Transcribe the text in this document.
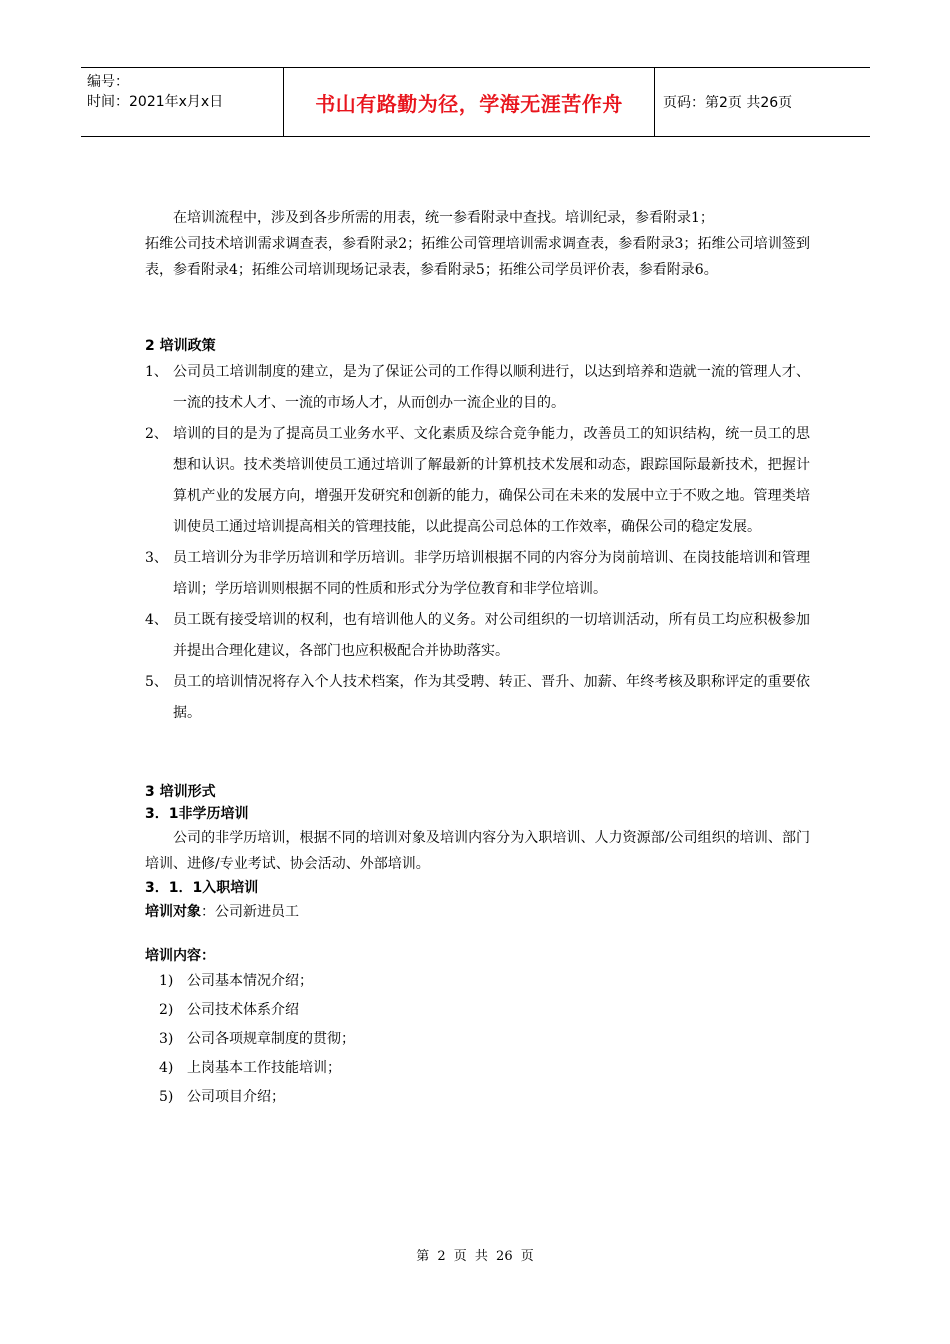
编号：
时间：2021年x月x日	书山有路勤为径，学海无涯苦作舟	页码：第2页 共26页

在培训流程中，涉及到各步所需的用表，统一参看附录中查找。培训纪录，参看附录1；

拓维公司技术培训需求调查表，参看附录2；拓维公司管理培训需求调查表，参看附录3；拓维公司培训签到表，参看附录4；拓维公司培训现场记录表，参看附录5；拓维公司学员评价表，参看附录6。

2 培训政策

1、 公司员工培训制度的建立，是为了保证公司的工作得以顺利进行，以达到培养和造就一流的管理人才、一流的技术人才、一流的市场人才，从而创办一流企业的目的。
2、 培训的目的是为了提高员工业务水平、文化素质及综合竞争能力，改善员工的知识结构，统一员工的思想和认识。技术类培训使员工通过培训了解最新的计算机技术发展和动态，跟踪国际最新技术，把握计算机产业的发展方向，增强开发研究和创新的能力，确保公司在未来的发展中立于不败之地。管理类培训使员工通过培训提高相关的管理技能，以此提高公司总体的工作效率，确保公司的稳定发展。
3、 员工培训分为非学历培训和学历培训。非学历培训根据不同的内容分为岗前培训、在岗技能培训和管理培训；学历培训则根据不同的性质和形式分为学位教育和非学位培训。
4、 员工既有接受培训的权利，也有培训他人的义务。对公司组织的一切培训活动，所有员工均应积极参加并提出合理化建议，各部门也应积极配合并协助落实。
5、 员工的培训情况将存入个人技术档案，作为其受聘、转正、晋升、加薪、年终考核及职称评定的重要依据。

3 培训形式

3．1非学历培训

公司的非学历培训，根据不同的培训对象及培训内容分为入职培训、人力资源部/公司组织的培训、部门培训、进修/专业考试、协会活动、外部培训。

3．1．1入职培训

培训对象：公司新进员工

培训内容：

1) 公司基本情况介绍；
2) 公司技术体系介绍
3) 公司各项规章制度的贯彻；
4) 上岗基本工作技能培训；
5) 公司项目介绍；
第 2 页 共 26 页
